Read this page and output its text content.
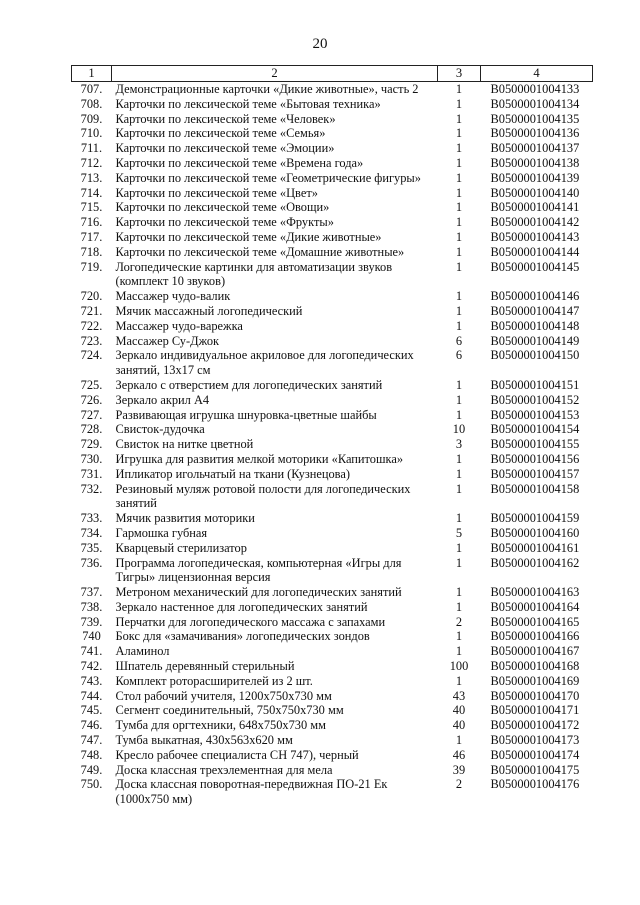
20
1	2	3	4
707.	Демонстрационные карточки «Дикие животные», часть 2	1	B0500001004133
708.	Карточки по лексической теме «Бытовая техника»	1	B0500001004134
709.	Карточки по лексической теме «Человек»	1	B0500001004135
710.	Карточки по лексической теме «Семья»	1	B0500001004136
711.	Карточки по лексической теме «Эмоции»	1	B0500001004137
712.	Карточки по лексической теме «Времена года»	1	B0500001004138
713.	Карточки по лексической теме «Геометрические фигуры»	1	B0500001004139
714.	Карточки по лексической теме «Цвет»	1	B0500001004140
715.	Карточки по лексической теме «Овощи»	1	B0500001004141
716.	Карточки по лексической теме «Фрукты»	1	B0500001004142
717.	Карточки по лексической теме «Дикие животные»	1	B0500001004143
718.	Карточки по лексической теме «Домашние животные»	1	B0500001004144
719.	Логопедические картинки для автоматизации звуков (комплект 10 звуков)	1	B0500001004145
720.	Массажер чудо-валик	1	B0500001004146
721.	Мячик массажный логопедический	1	B0500001004147
722.	Массажер чудо-варежка	1	B0500001004148
723.	Массажер Су-Джок	6	B0500001004149
724.	Зеркало индивидуальное акриловое для логопедических занятий, 13х17 см	6	B0500001004150
725.	Зеркало с отверстием для логопедических занятий	1	B0500001004151
726.	Зеркало акрил А4	1	B0500001004152
727.	Развивающая игрушка шнуровка-цветные шайбы	1	B0500001004153
728.	Свисток-дудочка	10	B0500001004154
729.	Свисток на нитке цветной	3	B0500001004155
730.	Игрушка для развития мелкой моторики «Капитошка»	1	B0500001004156
731.	Ипликатор игольчатый на ткани (Кузнецова)	1	B0500001004157
732.	Резиновый муляж ротовой полости для логопедических занятий	1	B0500001004158
733.	Мячик развития моторики	1	B0500001004159
734.	Гармошка губная	5	B0500001004160
735.	Кварцевый стерилизатор	1	B0500001004161
736.	Программа логопедическая, компьютерная «Игры для Тигры» лицензионная версия	1	B0500001004162
737.	Метроном механический для логопедических занятий	1	B0500001004163
738.	Зеркало настенное для логопедических занятий	1	B0500001004164
739.	Перчатки для логопедического массажа с запахами	2	B0500001004165
740	Бокс для «замачивания» логопедических зондов	1	B0500001004166
741.	Аламинол	1	B0500001004167
742.	Шпатель деревянный стерильный	100	B0500001004168
743.	Комплект роторасширителей из 2 шт.	1	B0500001004169
744.	Стол рабочий учителя, 1200х750х730 мм	43	B0500001004170
745.	Сегмент соединительный, 750х750х730 мм	40	B0500001004171
746.	Тумба для оргтехники, 648х750х730 мм	40	B0500001004172
747.	Тумба выкатная, 430х563х620 мм	1	B0500001004173
748.	Кресло рабочее специалиста СН 747), черный	46	B0500001004174
749.	Доска классная трехэлементная для мела	39	B0500001004175
750.	Доска классная поворотная-передвижная ПО-21 Ек (1000х750 мм)	2	B0500001004176
